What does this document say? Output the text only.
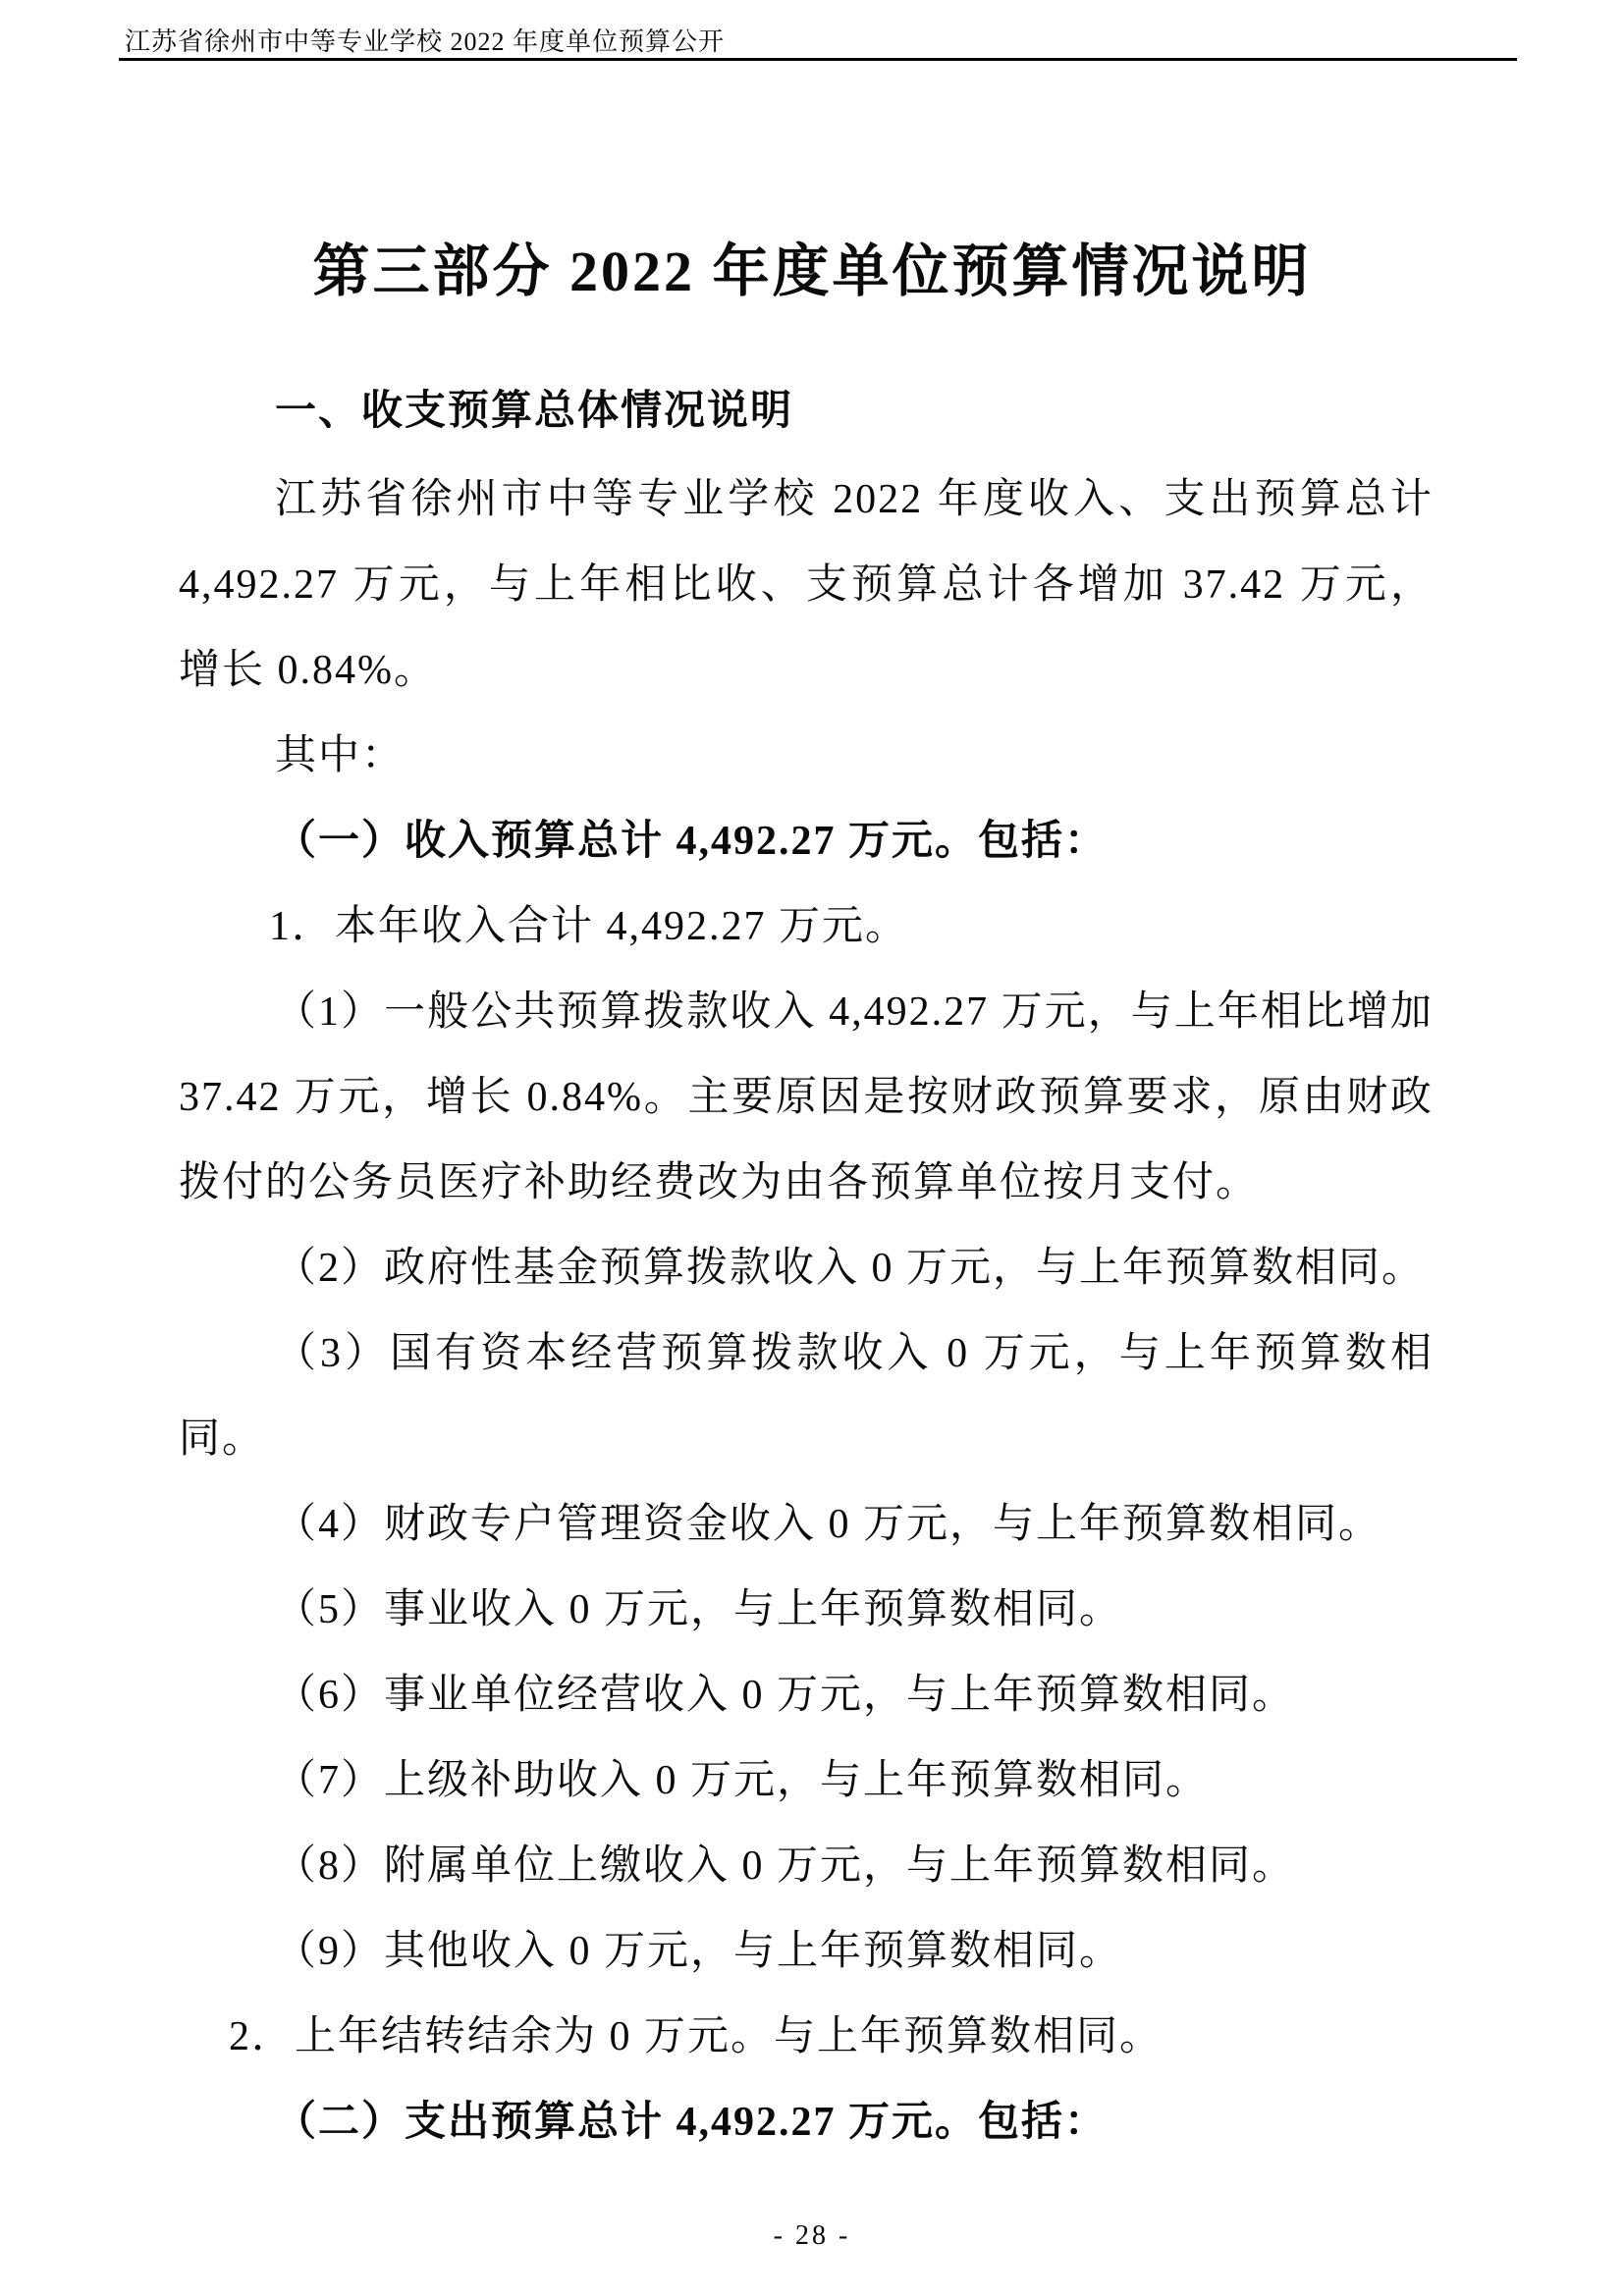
江苏省徐州市中等专业学校 2022 年度单位预算公开
第三部分 2022 年度单位预算情况说明
一、收支预算总体情况说明
江苏省徐州市中等专业学校 2022 年度收入、支出预算总计
4,492.27 万元，与上年相比收、支预算总计各增加 37.42 万元，
增长 0.84%。
其中：
（一）收入预算总计 4,492.27 万元。包括：
1．本年收入合计 4,492.27 万元。
（1）一般公共预算拨款收入 4,492.27 万元，与上年相比增加
37.42 万元，增长 0.84%。主要原因是按财政预算要求，原由财政
拨付的公务员医疗补助经费改为由各预算单位按月支付。
（2）政府性基金预算拨款收入 0 万元，与上年预算数相同。
（3）国有资本经营预算拨款收入 0 万元，与上年预算数相
同。
（4）财政专户管理资金收入 0 万元，与上年预算数相同。
（5）事业收入 0 万元，与上年预算数相同。
（6）事业单位经营收入 0 万元，与上年预算数相同。
（7）上级补助收入 0 万元，与上年预算数相同。
（8）附属单位上缴收入 0 万元，与上年预算数相同。
（9）其他收入 0 万元，与上年预算数相同。
2．上年结转结余为 0 万元。与上年预算数相同。
（二）支出预算总计 4,492.27 万元。包括：
- 28 -
